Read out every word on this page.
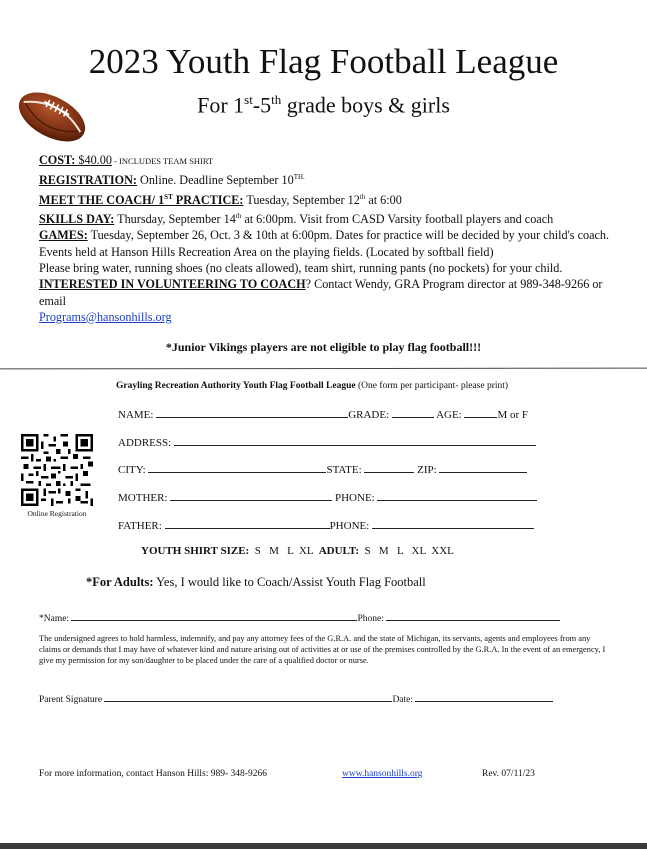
2023 Youth Flag Football League
For 1st-5th grade boys & girls

COST: $40.00 - INCLUDES TEAM SHIRT

REGISTRATION: Online. Deadline September $10^{TH.}$

MEET THE COACH/ 1ST PRACTICE: Tuesday, September 12th at 6:00

SKILLS DAY: Thursday, September 14th at 6:00pm. Visit from CASD Varsity football players and coach

GAMES: Tuesday, September 26, Oct. 3 & 10th at 6:00pm. Dates for practice will be decided by your child's coach. Events held at Hanson Hills Recreation Area on the playing fields. (Located by softball field)

Please bring water, running shoes (no cleats allowed), team shirt, running pants (no pockets) for your child.

INTERESTED IN VOLUNTEERING TO COACH? Contact Wendy, GRA Program director at 989-348-9266 or email

Programs@hansonhills.org

*Junior Vikings players are not eligible to play flag football!!!
Grayling Recreation Authority Youth Flag Football League (One form per participant- please print)
NAME:	GRADE:	AGE:	M or F
ADDRESS:
CITY:	STATE:	ZIP:
MOTHER:	PHONE:
FATHER:	PHONE:
Online Registration
YOUTH SHIRT SIZE: S   M   L  XL ADULT: S   M   L   XL  XXL
*For Adults: Yes, I would like to Coach/Assist Youth Flag Football
*Name:	Phone:
The undersigned agrees to hold harmless, indemnify, and pay any attorney fees of the G.R.A. and the state of Michigan, its servants, agents and employees from any claims or demands that I may have of whatever kind and nature arising out of activities at or use of the premises controlled by the G.R.A. In the event of an emergency, I give my permission for my son/daughter to be placed under the care of a qualified doctor or nurse.
Parent Signature	Date:
For more information, contact Hanson Hills: 989- 348-9266	www.hansonhills.org	Rev. 07/11/23
